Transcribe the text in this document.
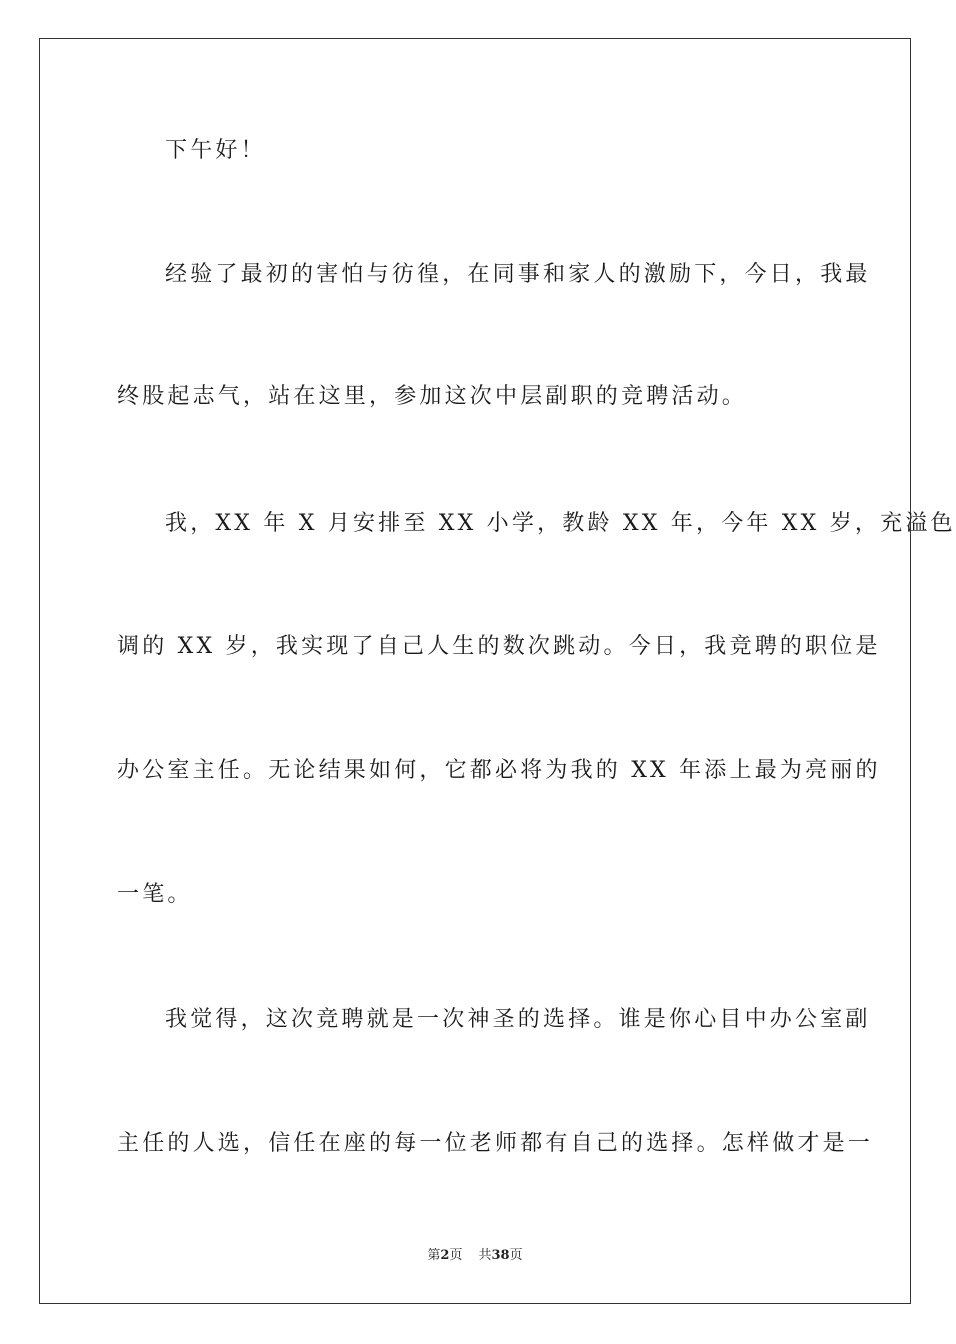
下午好！
经验了最初的害怕与彷徨，在同事和家人的激励下，今日，我最
终股起志气，站在这里，参加这次中层副职的竞聘活动。
我，XX 年 X 月安排至 XX 小学，教龄 XX 年，今年 XX 岁，充溢色
调的 XX 岁，我实现了自己人生的数次跳动。今日，我竞聘的职位是
办公室主任。无论结果如何，它都必将为我的 XX 年添上最为亮丽的
一笔。
我觉得，这次竞聘就是一次神圣的选择。谁是你心目中办公室副
主任的人选，信任在座的每一位老师都有自己的选择。怎样做才是一
第2页 共38页
